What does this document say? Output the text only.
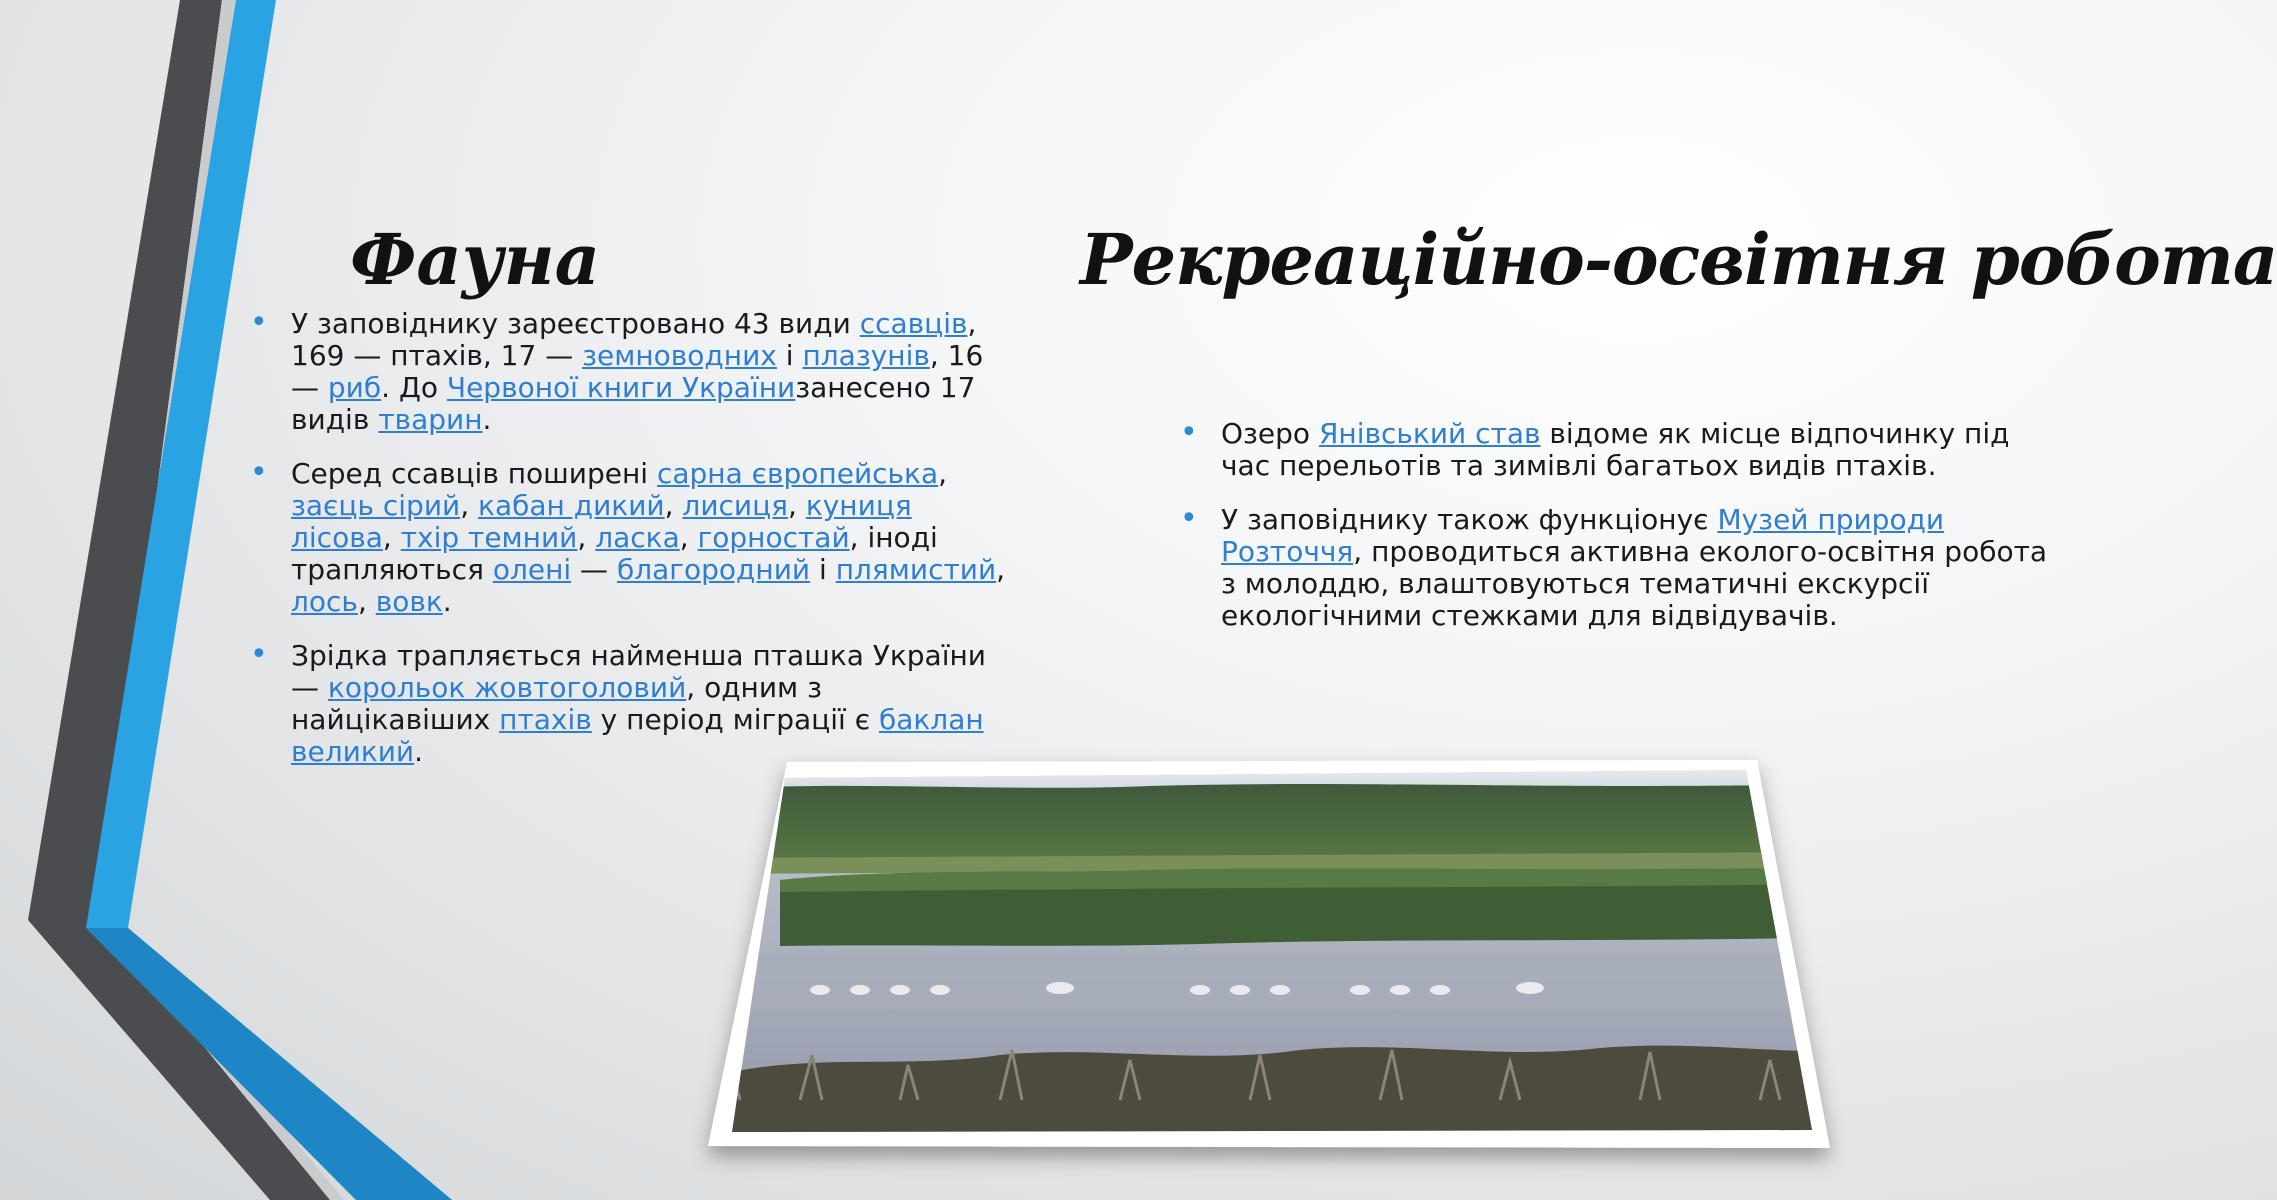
Фауна	Рекреаційно-освітня робота
• У заповіднику зареєстровано 43 види ссавців, 169 — птахів, 17 — земноводних і плазунів, 16 — риб. До Червоної книги Українизанесено 17 видів тварин.
• Серед ссавців поширені сарна європейська, заєць сірий, кабан дикий, лисиця, куниця лісова, тхір темний, ласка, горностай, іноді трапляються олені — благородний і плямистий, лось, вовк.
• Зрідка трапляється найменша пташка України — корольок жовтоголовий, одним з найцікавіших птахів у період міграції є баклан великий.
• Озеро Янівський став відоме як місце відпочинку під час перельотів та зимівлі багатьох видів птахів.
• У заповіднику також функціонує Музей природи Розточчя, проводиться активна еколого-освітня робота з молоддю, влаштовуються тематичні екскурсії екологічними стежками для відвідувачів.
